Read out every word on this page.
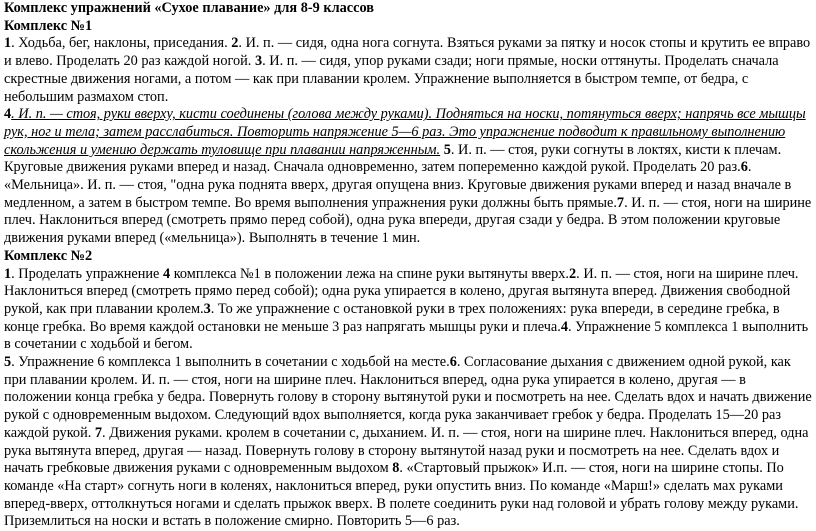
Комплекс упражнений «Сухое плавание» для 8-9 классов

Комплекс №1

1. Ходьба, бег, наклоны, приседания. 2. И. п. — сидя, одна нога согнута. Взяться руками за пятку и носок стопы и крутить ее вправо и влево. Проделать 20 раз каждой ногой. 3. И. п. — сидя, упор руками сзади; ноги прямые, носки оттянуты. Проделать сначала скрестные движения ногами, а потом — как при плавании кролем. Упражнение выполняется в быстром темпе, от бедра, с небольшим размахом стоп.

4. И. п. — стоя, руки вверху, кисти соединены (голова между руками). Подняться на носки, потянуться вверх; напрячь все мышцы рук, ног и тела; затем расслабиться. Повторить напряжение 5—6 раз. Это упражнение подводит к правильному выполнению скольжения и умению держать туловище при плавании напряженным. 5. И. п. — стоя, руки согнуты в локтях, кисти к плечам. Круговые движения руками вперед и назад. Сначала одновременно, затем попеременно каждой рукой. Проделать 20 раз.6. «Мельница». И. п. — стоя, "одна рука поднята вверх, другая опущена вниз. Круговые движения руками вперед и назад вначале в медленном, а затем в быстром темпе. Во время выполнения упражнения руки должны быть прямые.7. И. п. — стоя, ноги на ширине плеч. Наклониться вперед (смотреть прямо перед собой), одна рука впереди, другая сзади у бедра. В этом положении круговые движения руками вперед («мельница»). Выполнять в течение 1 мин.

Комплекс №2

1. Проделать упражнение 4 комплекса №1 в положении лежа на спине руки вытянуты вверх.2. И. п. — стоя, ноги на ширине плеч. Наклониться вперед (смотреть прямо перед собой); одна рука упирается в колено, другая вытянута вперед. Движения свободной рукой, как при плавании кролем.3. То же упражнение с остановкой руки в трех положениях: рука впереди, в середине гребка, в конце гребка. Во время каждой остановки не меньше 3 раз напрягать мышцы руки и плеча.4. Упражнение 5 комплекса 1 выполнить в сочетании с ходьбой и бегом.

5. Упражнение 6 комплекса 1 выполнить в сочетании с ходьбой на месте.6. Согласование дыхания с движением одной рукой, как при плавании кролем. И. п. — стоя, ноги на ширине плеч. Наклониться вперед, одна рука упирается в колено, другая — в положении конца гребка у бедра. Повернуть голову в сторону вытянутой руки и посмотреть на нее. Сделать вдох и начать движение рукой с одновременным выдохом. Следующий вдох выполняется, когда рука заканчивает гребок у бедра. Проделать 15—20 раз каждой рукой. 7. Движения руками. кролем в сочетании с, дыханием. И. п. — стоя, ноги на ширине плеч. Наклониться вперед, одна рука вытянута вперед, другая — назад. Повернуть голову в сторону вытянутой назад руки и посмотреть на нее. Сделать вдох и начать гребковые движения руками с одновременным выдохом 8. «Стартовый прыжок» И.п. — стоя, ноги на ширине стопы. По команде «На старт» согнуть ноги в коленях, наклониться вперед, руки опустить вниз. По команде «Марш!» сделать мах руками вперед-вверх, оттолкнуться ногами и сделать прыжок вверх. В полете соединить руки над головой и убрать голову между руками. Приземлиться на носки и встать в положение смирно. Повторить 5—6 раз.
